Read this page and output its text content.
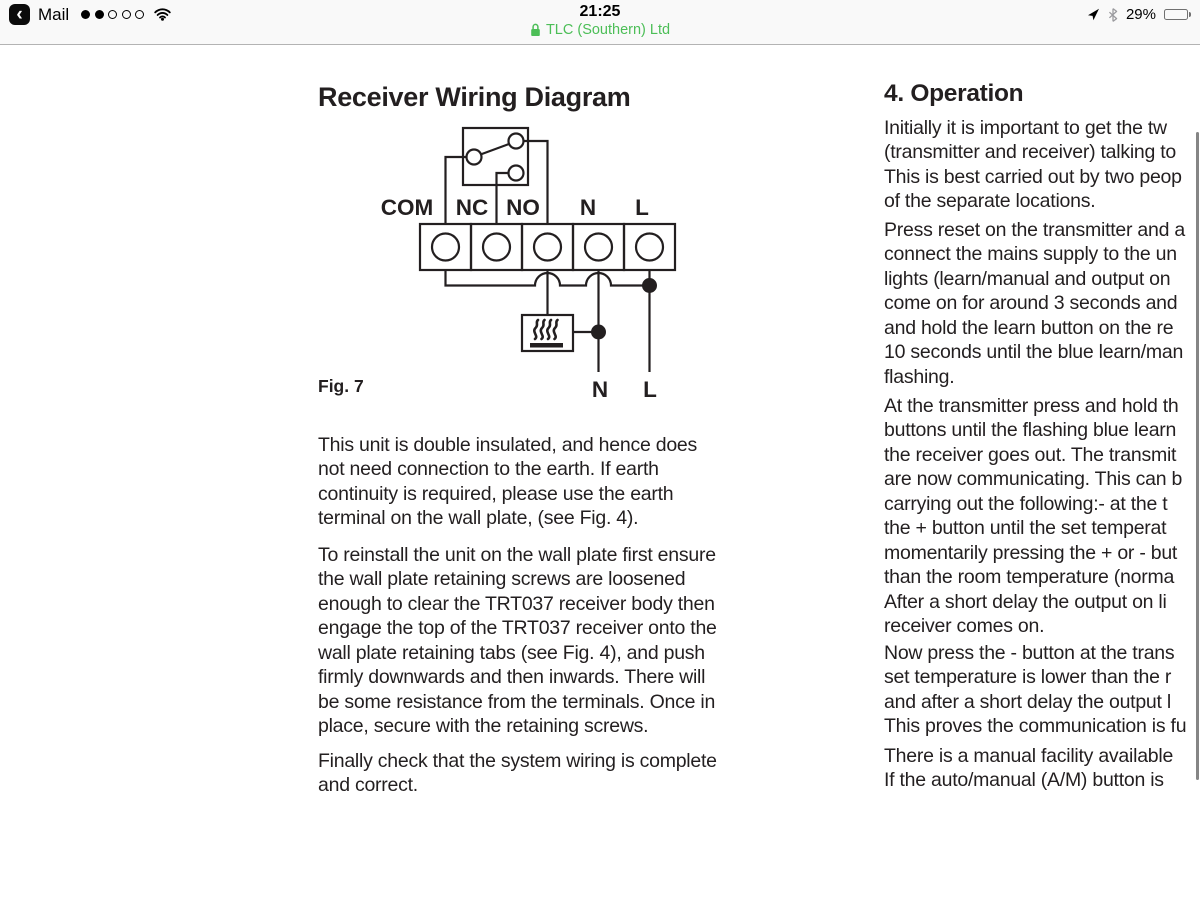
‹ Mail	21:25
TLC (Southern) Ltd
29%
Receiver Wiring Diagram
COM NC NO N L
N L
Fig. 7
This unit is double insulated, and hence does
not need connection to the earth. If earth
continuity is required, please use the earth
terminal on the wall plate, (see Fig. 4).
To reinstall the unit on the wall plate first ensure
the wall plate retaining screws are loosened
enough to clear the TRT037 receiver body then
engage the top of the TRT037 receiver onto the
wall plate retaining tabs (see Fig. 4), and push
firmly downwards and then inwards. There will
be some resistance from the terminals. Once in
place, secure with the retaining screws.
Finally check that the system wiring is complete
and correct.
4. Operation
Initially it is important to get the tw
(transmitter and receiver) talking to
This is best carried out by two peop
of the separate locations.
Press reset on the transmitter and a
connect the mains supply to the un
lights (learn/manual and output on
come on for around 3 seconds and
and hold the learn button on the re
10 seconds until the blue learn/man
flashing.
At the transmitter press and hold th
buttons until the flashing blue learn
the receiver goes out. The transmit
are now communicating. This can b
carrying out the following:- at the t
the + button until the set temperat
momentarily pressing the + or - but
than the room temperature (norma
After a short delay the output on li
receiver comes on.
Now press the - button at the trans
set temperature is lower than the r
and after a short delay the output l
This proves the communication is fu
There is a manual facility available
If the auto/manual (A/M) button is
